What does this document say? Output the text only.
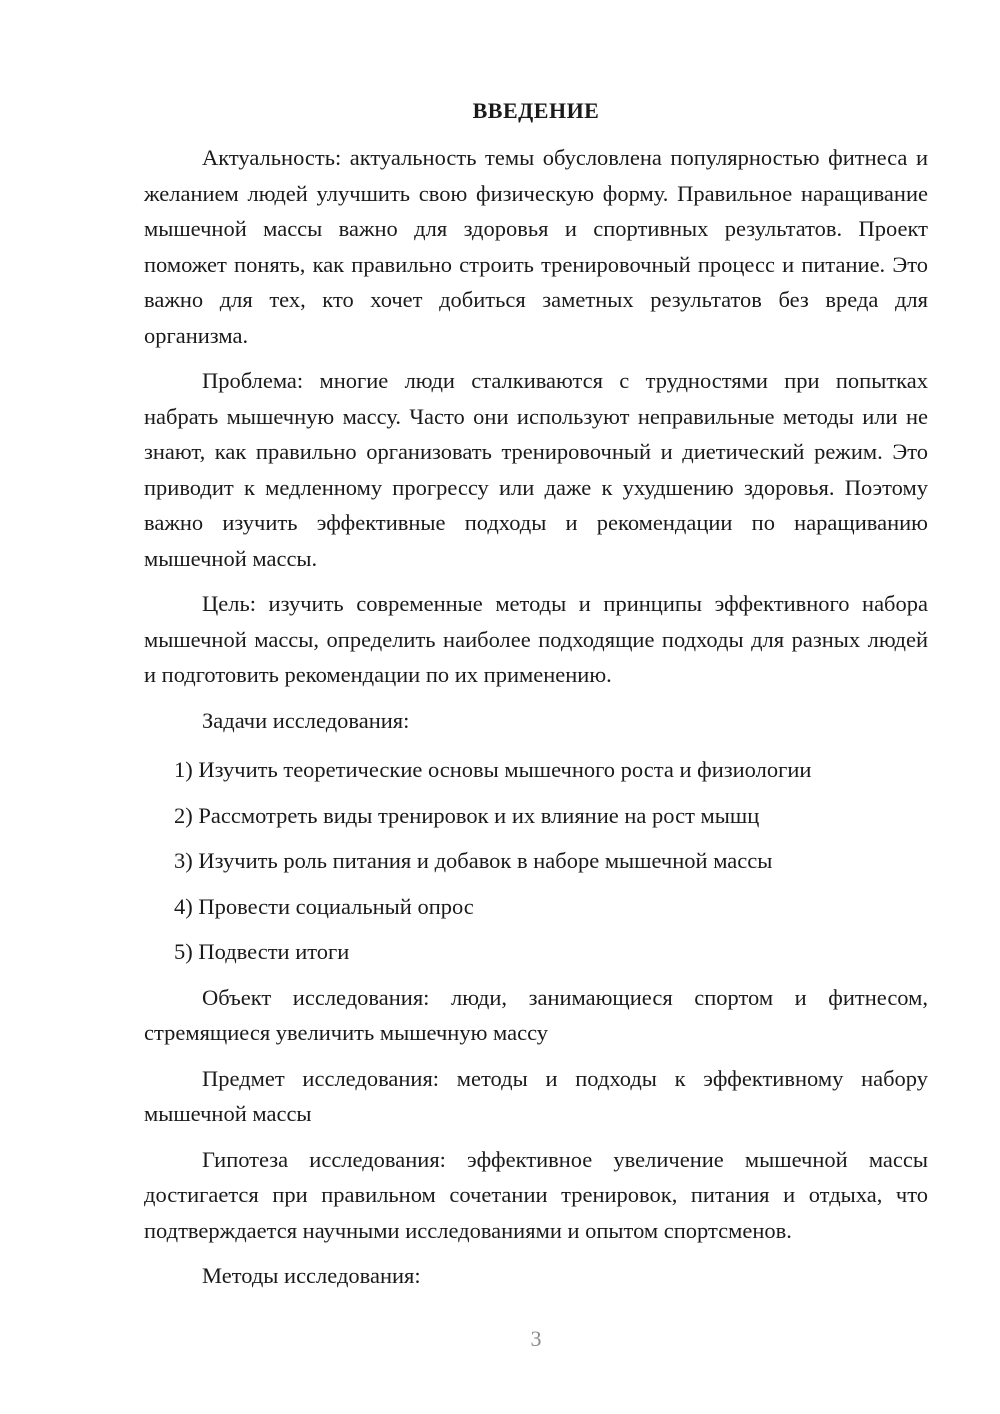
ВВЕДЕНИЕ

Актуальность: актуальность темы обусловлена популярностью фитнеса и желанием людей улучшить свою физическую форму. Правильное наращивание мышечной массы важно для здоровья и спортивных результатов. Проект поможет понять, как правильно строить тренировочный процесс и питание. Это важно для тех, кто хочет добиться заметных результатов без вреда для организма.

Проблема: многие люди сталкиваются с трудностями при попытках набрать мышечную массу. Часто они используют неправильные методы или не знают, как правильно организовать тренировочный и диетический режим. Это приводит к медленному прогрессу или даже к ухудшению здоровья. Поэтому важно изучить эффективные подходы и рекомендации по наращиванию мышечной массы.

Цель: изучить современные методы и принципы эффективного набора мышечной массы, определить наиболее подходящие подходы для разных людей и подготовить рекомендации по их применению.

Задачи исследования:

1) Изучить теоретические основы мышечного роста и физиологии
2) Рассмотреть виды тренировок и их влияние на рост мышц
3) Изучить роль питания и добавок в наборе мышечной массы
4) Провести социальный опрос
5) Подвести итоги

Объект исследования: люди, занимающиеся спортом и фитнесом, стремящиеся увеличить мышечную массу

Предмет исследования: методы и подходы к эффективному набору мышечной массы

Гипотеза исследования: эффективное увеличение мышечной массы достигается при правильном сочетании тренировок, питания и отдыха, что подтверждается научными исследованиями и опытом спортсменов.

Методы исследования:

3
